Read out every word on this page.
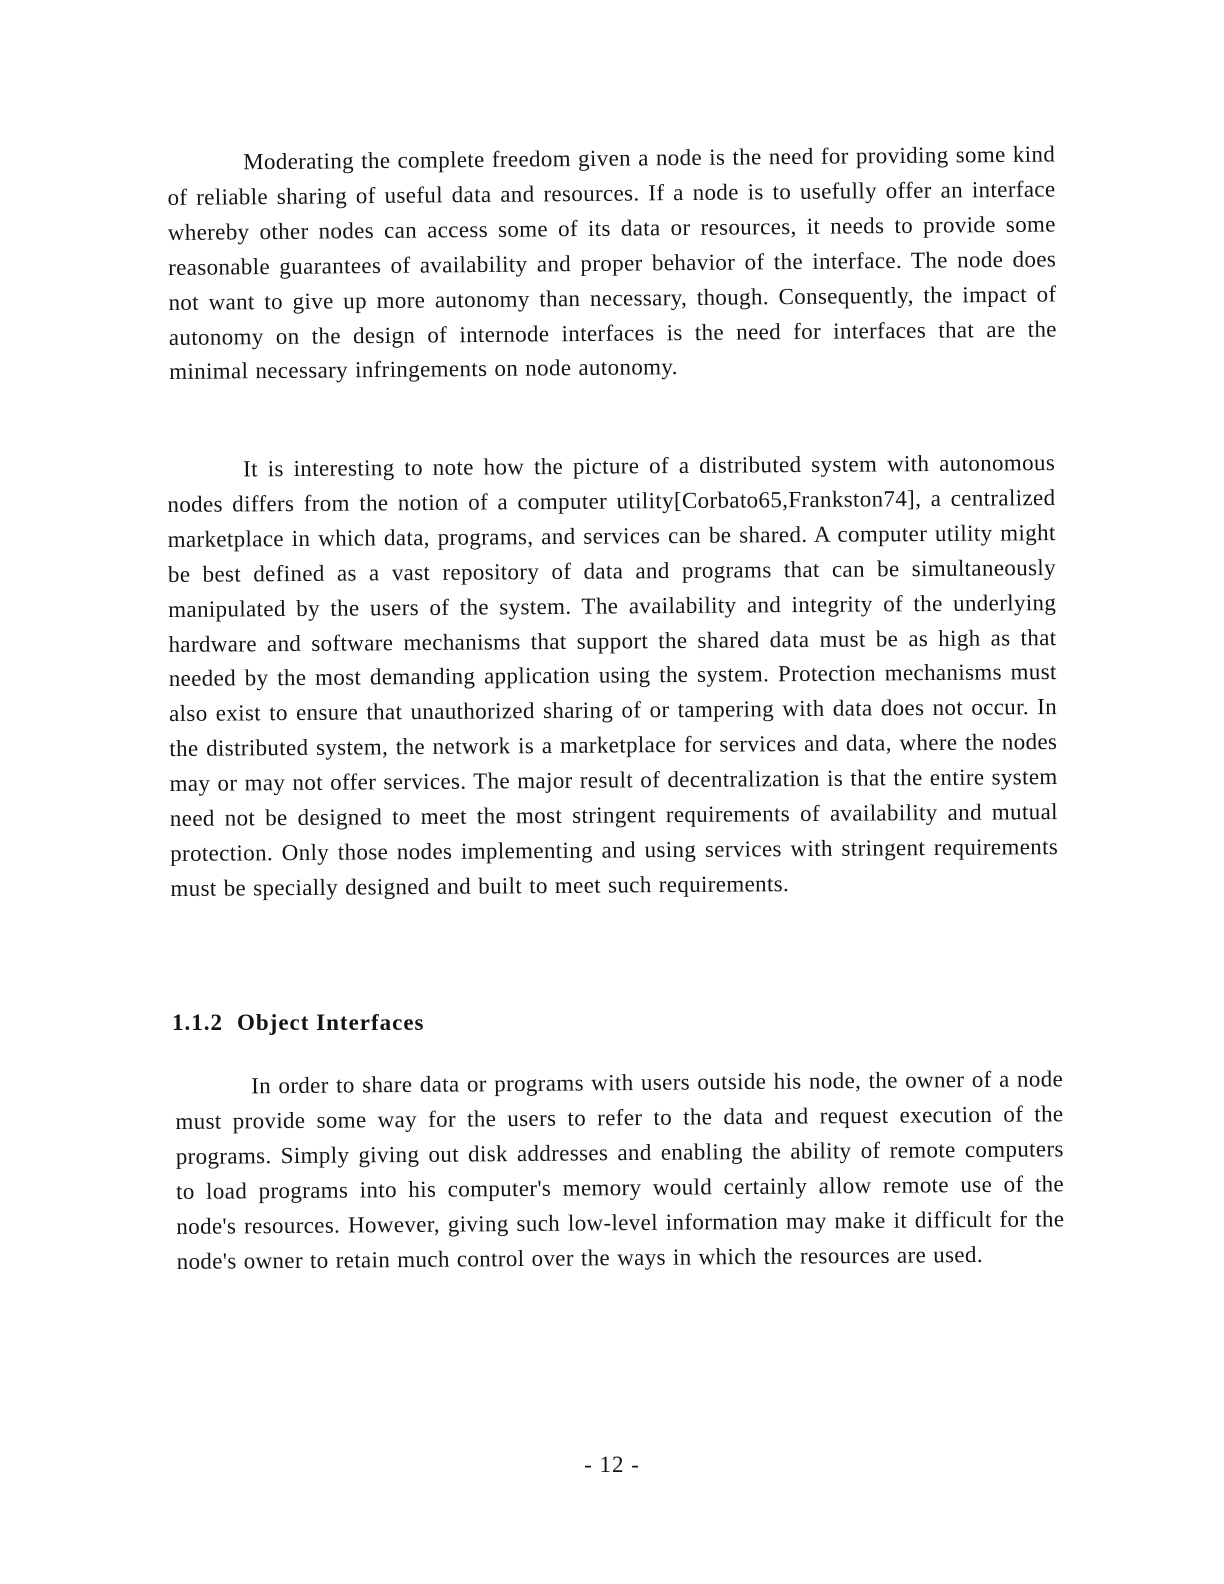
Moderating the complete freedom given a node is the need for providing some kind of reliable sharing of useful data and resources. If a node is to usefully offer an interface whereby other nodes can access some of its data or resources, it needs to provide some reasonable guarantees of availability and proper behavior of the interface. The node does not want to give up more autonomy than necessary, though. Consequently, the impact of autonomy on the design of internode interfaces is the need for interfaces that are the minimal necessary infringements on node autonomy.

It is interesting to note how the picture of a distributed system with autonomous nodes differs from the notion of a computer utility[Corbato65,Frankston74], a centralized marketplace in which data, programs, and services can be shared. A computer utility might be best defined as a vast repository of data and programs that can be simultaneously manipulated by the users of the system. The availability and integrity of the underlying hardware and software mechanisms that support the shared data must be as high as that needed by the most demanding application using the system. Protection mechanisms must also exist to ensure that unauthorized sharing of or tampering with data does not occur. In the distributed system, the network is a marketplace for services and data, where the nodes may or may not offer services. The major result of decentralization is that the entire system need not be designed to meet the most stringent requirements of availability and mutual protection. Only those nodes implementing and using services with stringent requirements must be specially designed and built to meet such requirements.

1.1.2 Object Interfaces

In order to share data or programs with users outside his node, the owner of a node must provide some way for the users to refer to the data and request execution of the programs. Simply giving out disk addresses and enabling the ability of remote computers to load programs into his computer's memory would certainly allow remote use of the node's resources. However, giving such low-level information may make it difficult for the node's owner to retain much control over the ways in which the resources are used.

- 12 -
